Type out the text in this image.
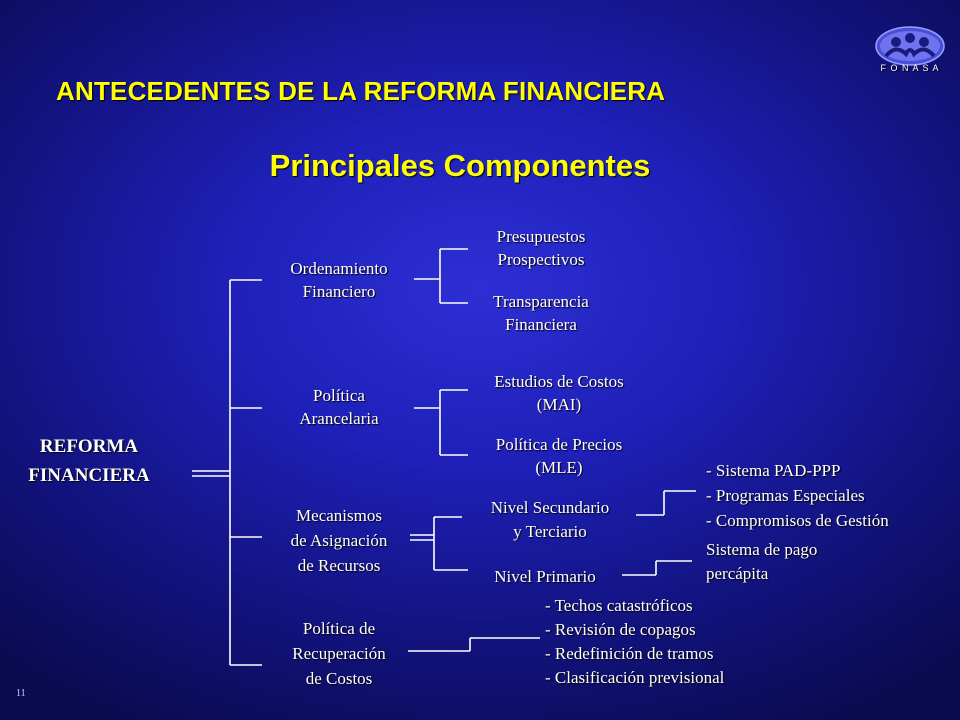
F O N A S A
ANTECEDENTES DE LA REFORMA FINANCIERA
Principales Componentes
REFORMA
FINANCIERA
Ordenamiento
Financiero
Política
Arancelaria
Mecanismos
de Asignación
de Recursos
Política de
Recuperación
de Costos
Presupuestos
Prospectivos
Transparencia
Financiera
Estudios de Costos
(MAI)
Política de Precios
(MLE)
Nivel Secundario
y Terciario
Nivel Primario
- Sistema PAD-PPP
- Programas Especiales
- Compromisos de Gestión
Sistema de pago
percápita
- Techos catastróficos
- Revisión de copagos
- Redefinición de tramos
- Clasificación previsional
11
